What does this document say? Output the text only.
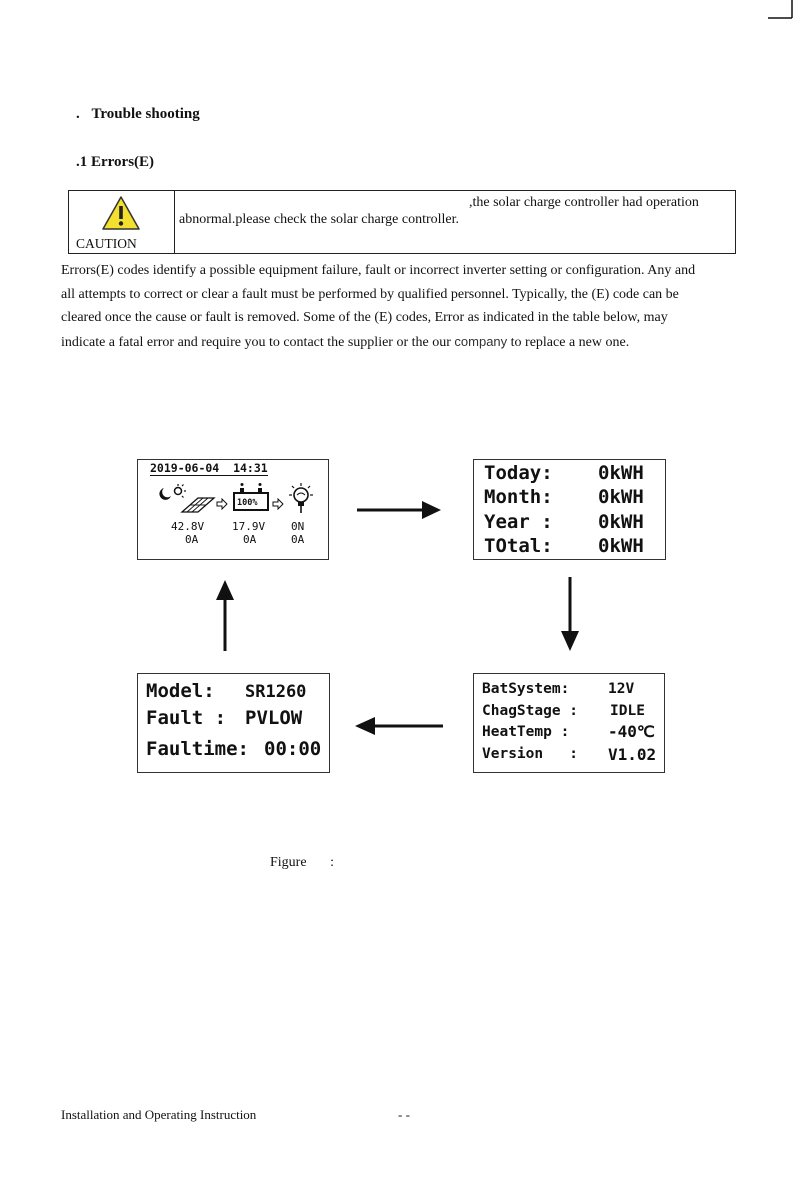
. Trouble shooting
.1 Errors(E)
CAUTION
,the solar charge controller had operation
abnormal.please check the solar charge controller.
Errors(E) codes identify a possible equipment failure, fault or incorrect inverter setting or configuration. Any and
all attempts to correct or clear a fault must be performed by qualified personnel. Typically, the (E) code can be
cleared once the cause or fault is removed. Some of the (E) codes, Error as indicated in the table below, may
indicate a fatal error and require you to contact the supplier or the our company to replace a new one.
2019-06-04  14:31
100%
42.8V
0A
17.9V
0A
0N
0A
Today: 0kWH
Month: 0kWH
Year : 0kWH
TOtal: 0kWH
Model: SR1260
Fault : PVLOW
Faultime: 00:00
BatSystem:	12V
ChagStage : IDLE
HeatTemp : -40℃
Version   : V1.02
Figure :
Installation and Operating Instruction	- -
